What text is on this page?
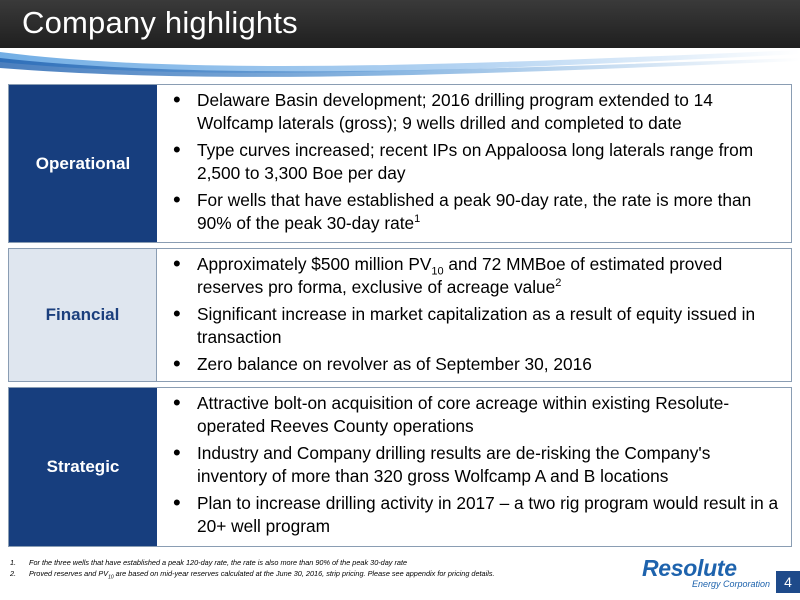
Company highlights
Operational
• Delaware Basin development; 2016 drilling program extended to 14 Wolfcamp laterals (gross); 9 wells drilled and completed to date
• Type curves increased; recent IPs on Appaloosa long laterals range from 2,500 to 3,300 Boe per day
• For wells that have established a peak 90-day rate, the rate is more than 90% of the peak 30-day rate$^1$
Financial
• Approximately $500 million $PV_{10}$ and 72 MMBoe of estimated proved reserves pro forma, exclusive of acreage value$^2$
• Significant increase in market capitalization as a result of equity issued in transaction
• Zero balance on revolver as of September 30, 2016
Strategic
• Attractive bolt-on acquisition of core acreage within existing Resolute-operated Reeves County operations
• Industry and Company drilling results are de-risking the Company's inventory of more than 320 gross Wolfcamp A and B locations
• Plan to increase drilling activity in 2017 – a two rig program would result in a 20+ well program
1. For the three wells that have established a peak 120-day rate, the rate is also more than 90% of the peak 30-day rate
2. Proved reserves and $PV_{10}$ are based on mid-year reserves calculated at the June 30, 2016, strip pricing. Please see appendix for pricing details.	Resolute
Energy Corporation	4
